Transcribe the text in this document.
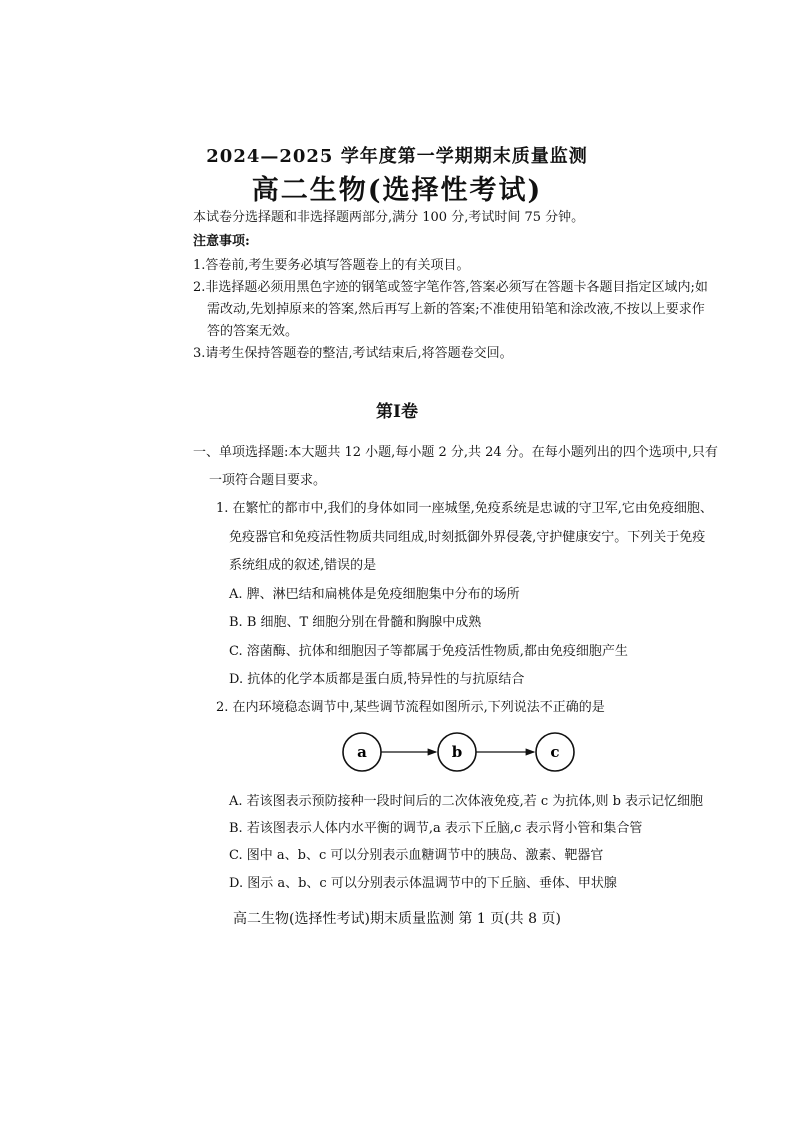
2024—2025 学年度第一学期期末质量监测
高二生物(选择性考试)
本试卷分选择题和非选择题两部分,满分 100 分,考试时间 75 分钟。
注意事项:
1.答卷前,考生要务必填写答题卷上的有关项目。
2.非选择题必须用黑色字迹的钢笔或签字笔作答,答案必须写在答题卡各题目指定区域内;如
需改动,先划掉原来的答案,然后再写上新的答案;不准使用铅笔和涂改液,不按以上要求作
答的答案无效。
3.请考生保持答题卷的整洁,考试结束后,将答题卷交回。
第Ⅰ卷
一、单项选择题:本大题共 12 小题,每小题 2 分,共 24 分。在每小题列出的四个选项中,只有
一项符合题目要求。
1. 在繁忙的都市中,我们的身体如同一座城堡,免疫系统是忠诚的守卫军,它由免疫细胞、
免疫器官和免疫活性物质共同组成,时刻抵御外界侵袭,守护健康安宁。下列关于免疫
系统组成的叙述,错误的是
A. 脾、淋巴结和扁桃体是免疫细胞集中分布的场所
B. B 细胞、T 细胞分别在骨髓和胸腺中成熟
C. 溶菌酶、抗体和细胞因子等都属于免疫活性物质,都由免疫细胞产生
D. 抗体的化学本质都是蛋白质,特异性的与抗原结合
2. 在内环境稳态调节中,某些调节流程如图所示,下列说法不正确的是
a	b	c
A. 若该图表示预防接种一段时间后的二次体液免疫,若 c 为抗体,则 b 表示记忆细胞
B. 若该图表示人体内水平衡的调节,a 表示下丘脑,c 表示肾小管和集合管
C. 图中 a、b、c 可以分别表示血糖调节中的胰岛、激素、靶器官
D. 图示 a、b、c 可以分别表示体温调节中的下丘脑、垂体、甲状腺
高二生物(选择性考试)期末质量监测 第 1 页(共 8 页)
